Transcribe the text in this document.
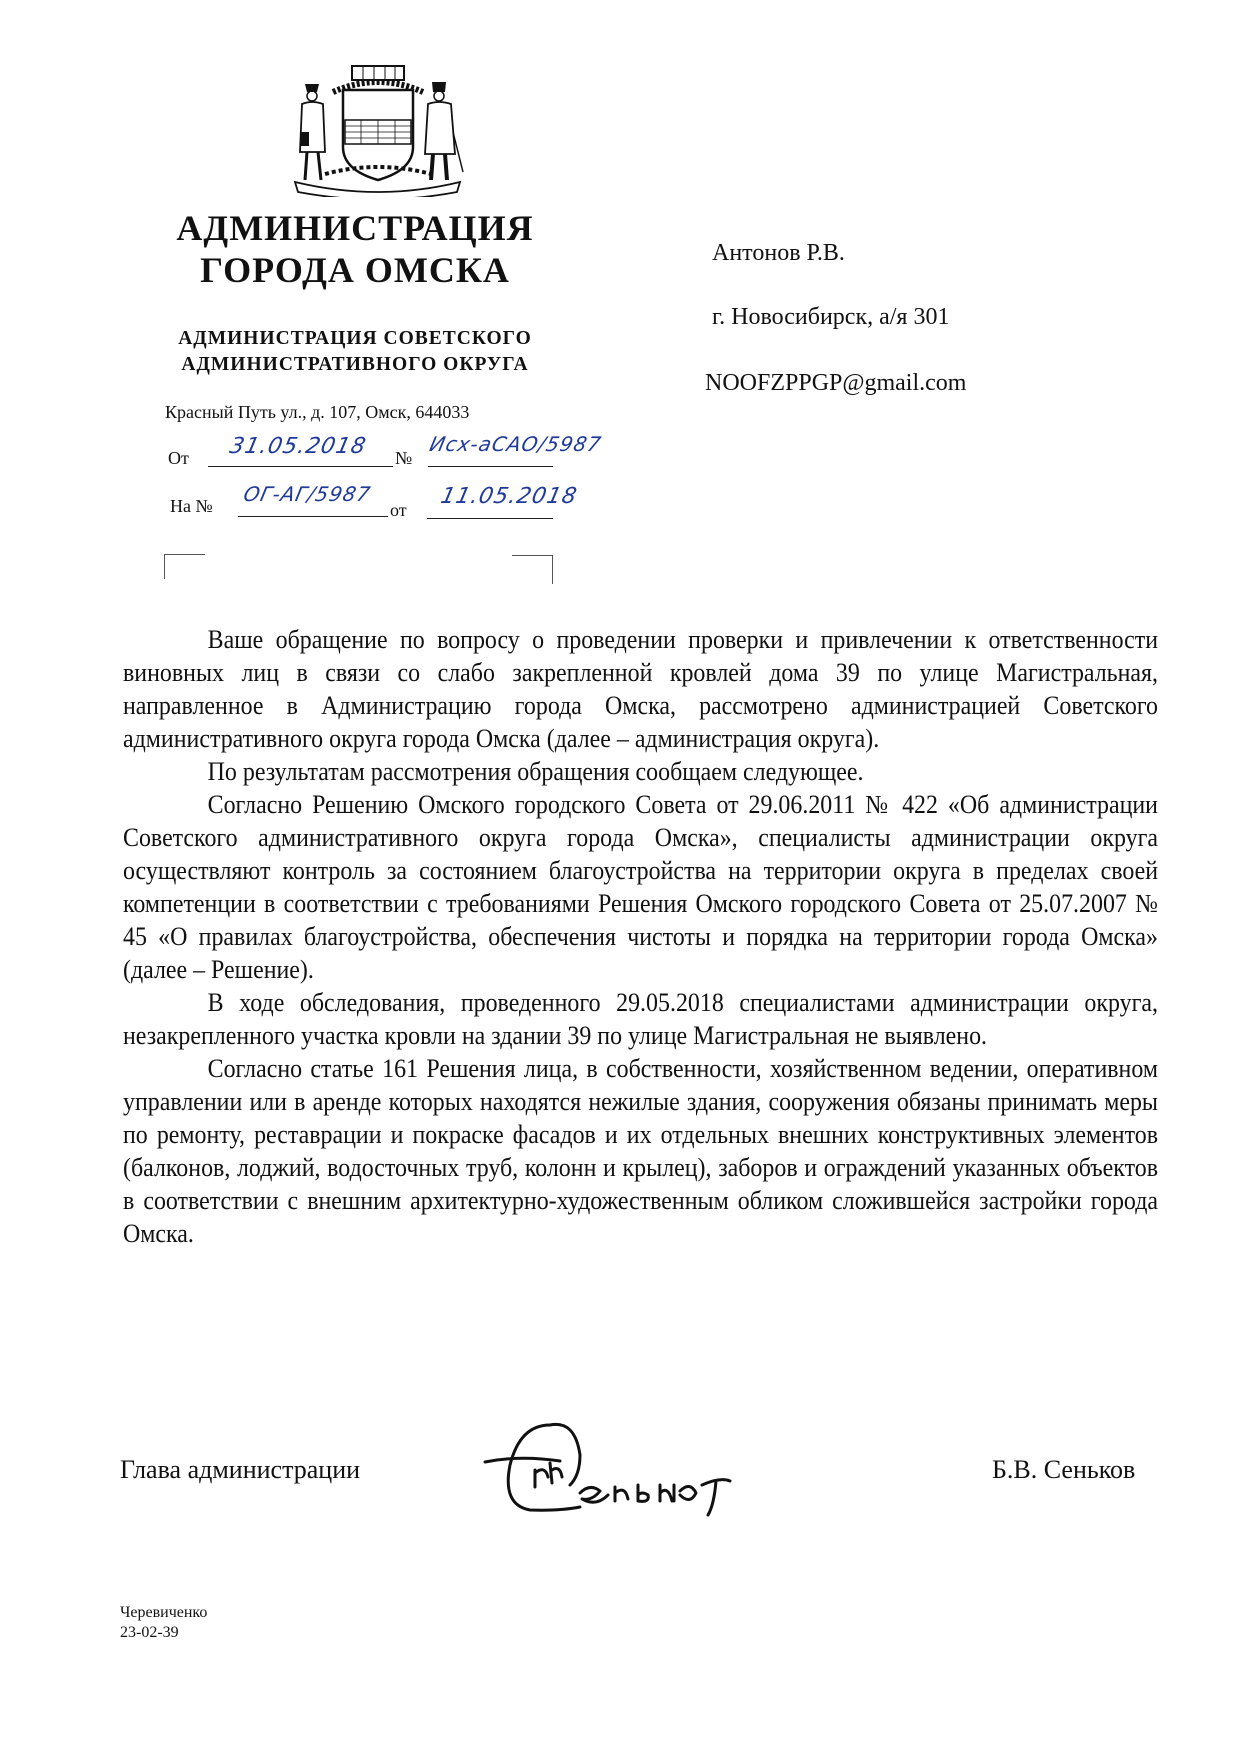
АДМИНИСТРАЦИЯ
ГОРОДА ОМСКА
АДМИНИСТРАЦИЯ СОВЕТСКОГО
АДМИНИСТРАТИВНОГО ОКРУГА
Красный Путь ул., д. 107, Омск, 644033
От 31.05.2018 №
Исх-аСАО/5987
На № ОГ-АГ/5987
от
11.05.2018
Антонов Р.В.
г. Новосибирск, а/я 301
NOOFZPPGP@gmail.com

Ваше обращение по вопросу о проведении проверки и привлечении к ответственности виновных лиц в связи со слабо закрепленной кровлей дома 39 по улице Магистральная, направленное в Администрацию города Омска, рассмотрено администрацией Советского административного округа города Омска (далее – администрация округа).

По результатам рассмотрения обращения сообщаем следующее.

Согласно Решению Омского городского Совета от 29.06.2011 № 422 «Об администрации Советского административного округа города Омска», специалисты администрации округа осуществляют контроль за состоянием благоустройства на территории округа в пределах своей компетенции в соответствии с требованиями Решения Омского городского Совета от 25.07.2007 № 45 «О правилах благоустройства, обеспечения чистоты и порядка на территории города Омска» (далее – Решение).

В ходе обследования, проведенного 29.05.2018 специалистами администрации округа, незакрепленного участка кровли на здании 39 по улице Магистральная не выявлено.

Согласно статье 161 Решения лица, в собственности, хозяйственном ведении, оперативном управлении или в аренде которых находятся нежилые здания, сооружения обязаны принимать меры по ремонту, реставрации и покраске фасадов и их отдельных внешних конструктивных элементов (балконов, лоджий, водосточных труб, колонн и крылец), заборов и ограждений указанных объектов в соответствии с внешним архитектурно-художественным обликом сложившейся застройки города Омска.

Глава администрации	Б.В. Сеньков
Черевиченко
23-02-39
